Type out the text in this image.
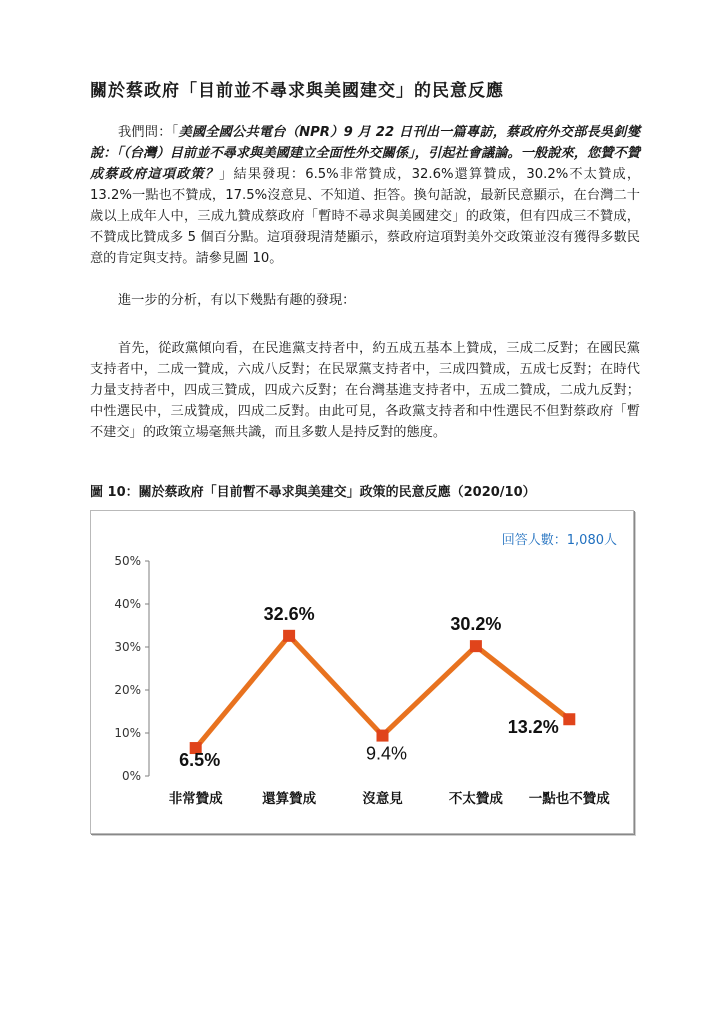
關於蔡政府「目前並不尋求與美國建交」的民意反應
我們問：「美國全國公共電台（NPR）9 月 22 日刊出一篇專訪，蔡政府外交部長吳釗燮說：「（台灣）目前並不尋求與美國建立全面性外交關係」，引起社會議論。一般說來，您贊不贊成蔡政府這項政策？」結果發現：6.5%非常贊成，32.6%還算贊成，30.2%不太贊成，13.2%一點也不贊成，17.5%沒意見、不知道、拒答。換句話說，最新民意顯示，在台灣二十歲以上成年人中，三成九贊成蔡政府「暫時不尋求與美國建交」的政策，但有四成三不贊成，不贊成比贊成多 5 個百分點。這項發現清楚顯示，蔡政府這項對美外交政策並沒有獲得多數民意的肯定與支持。請參見圖 10。
進一步的分析，有以下幾點有趣的發現：
首先，從政黨傾向看，在民進黨支持者中，約五成五基本上贊成，三成二反對；在國民黨支持者中，二成一贊成，六成八反對；在民眾黨支持者中，三成四贊成，五成七反對；在時代力量支持者中，四成三贊成，四成六反對；在台灣基進支持者中，五成二贊成，二成九反對；中性選民中，三成贊成，四成二反對。由此可見，各政黨支持者和中性選民不但對蔡政府「暫不建交」的政策立場毫無共識，而且多數人是持反對的態度。
圖 10：關於蔡政府「目前暫不尋求與美建交」政策的民意反應（2020/10）
回答人數：1,080人
0%
10%
20%
30%
40%
50%
6.5%
非常贊成
32.6%
還算贊成
9.4%
沒意見
30.2%
不太贊成
13.2%
一點也不贊成
